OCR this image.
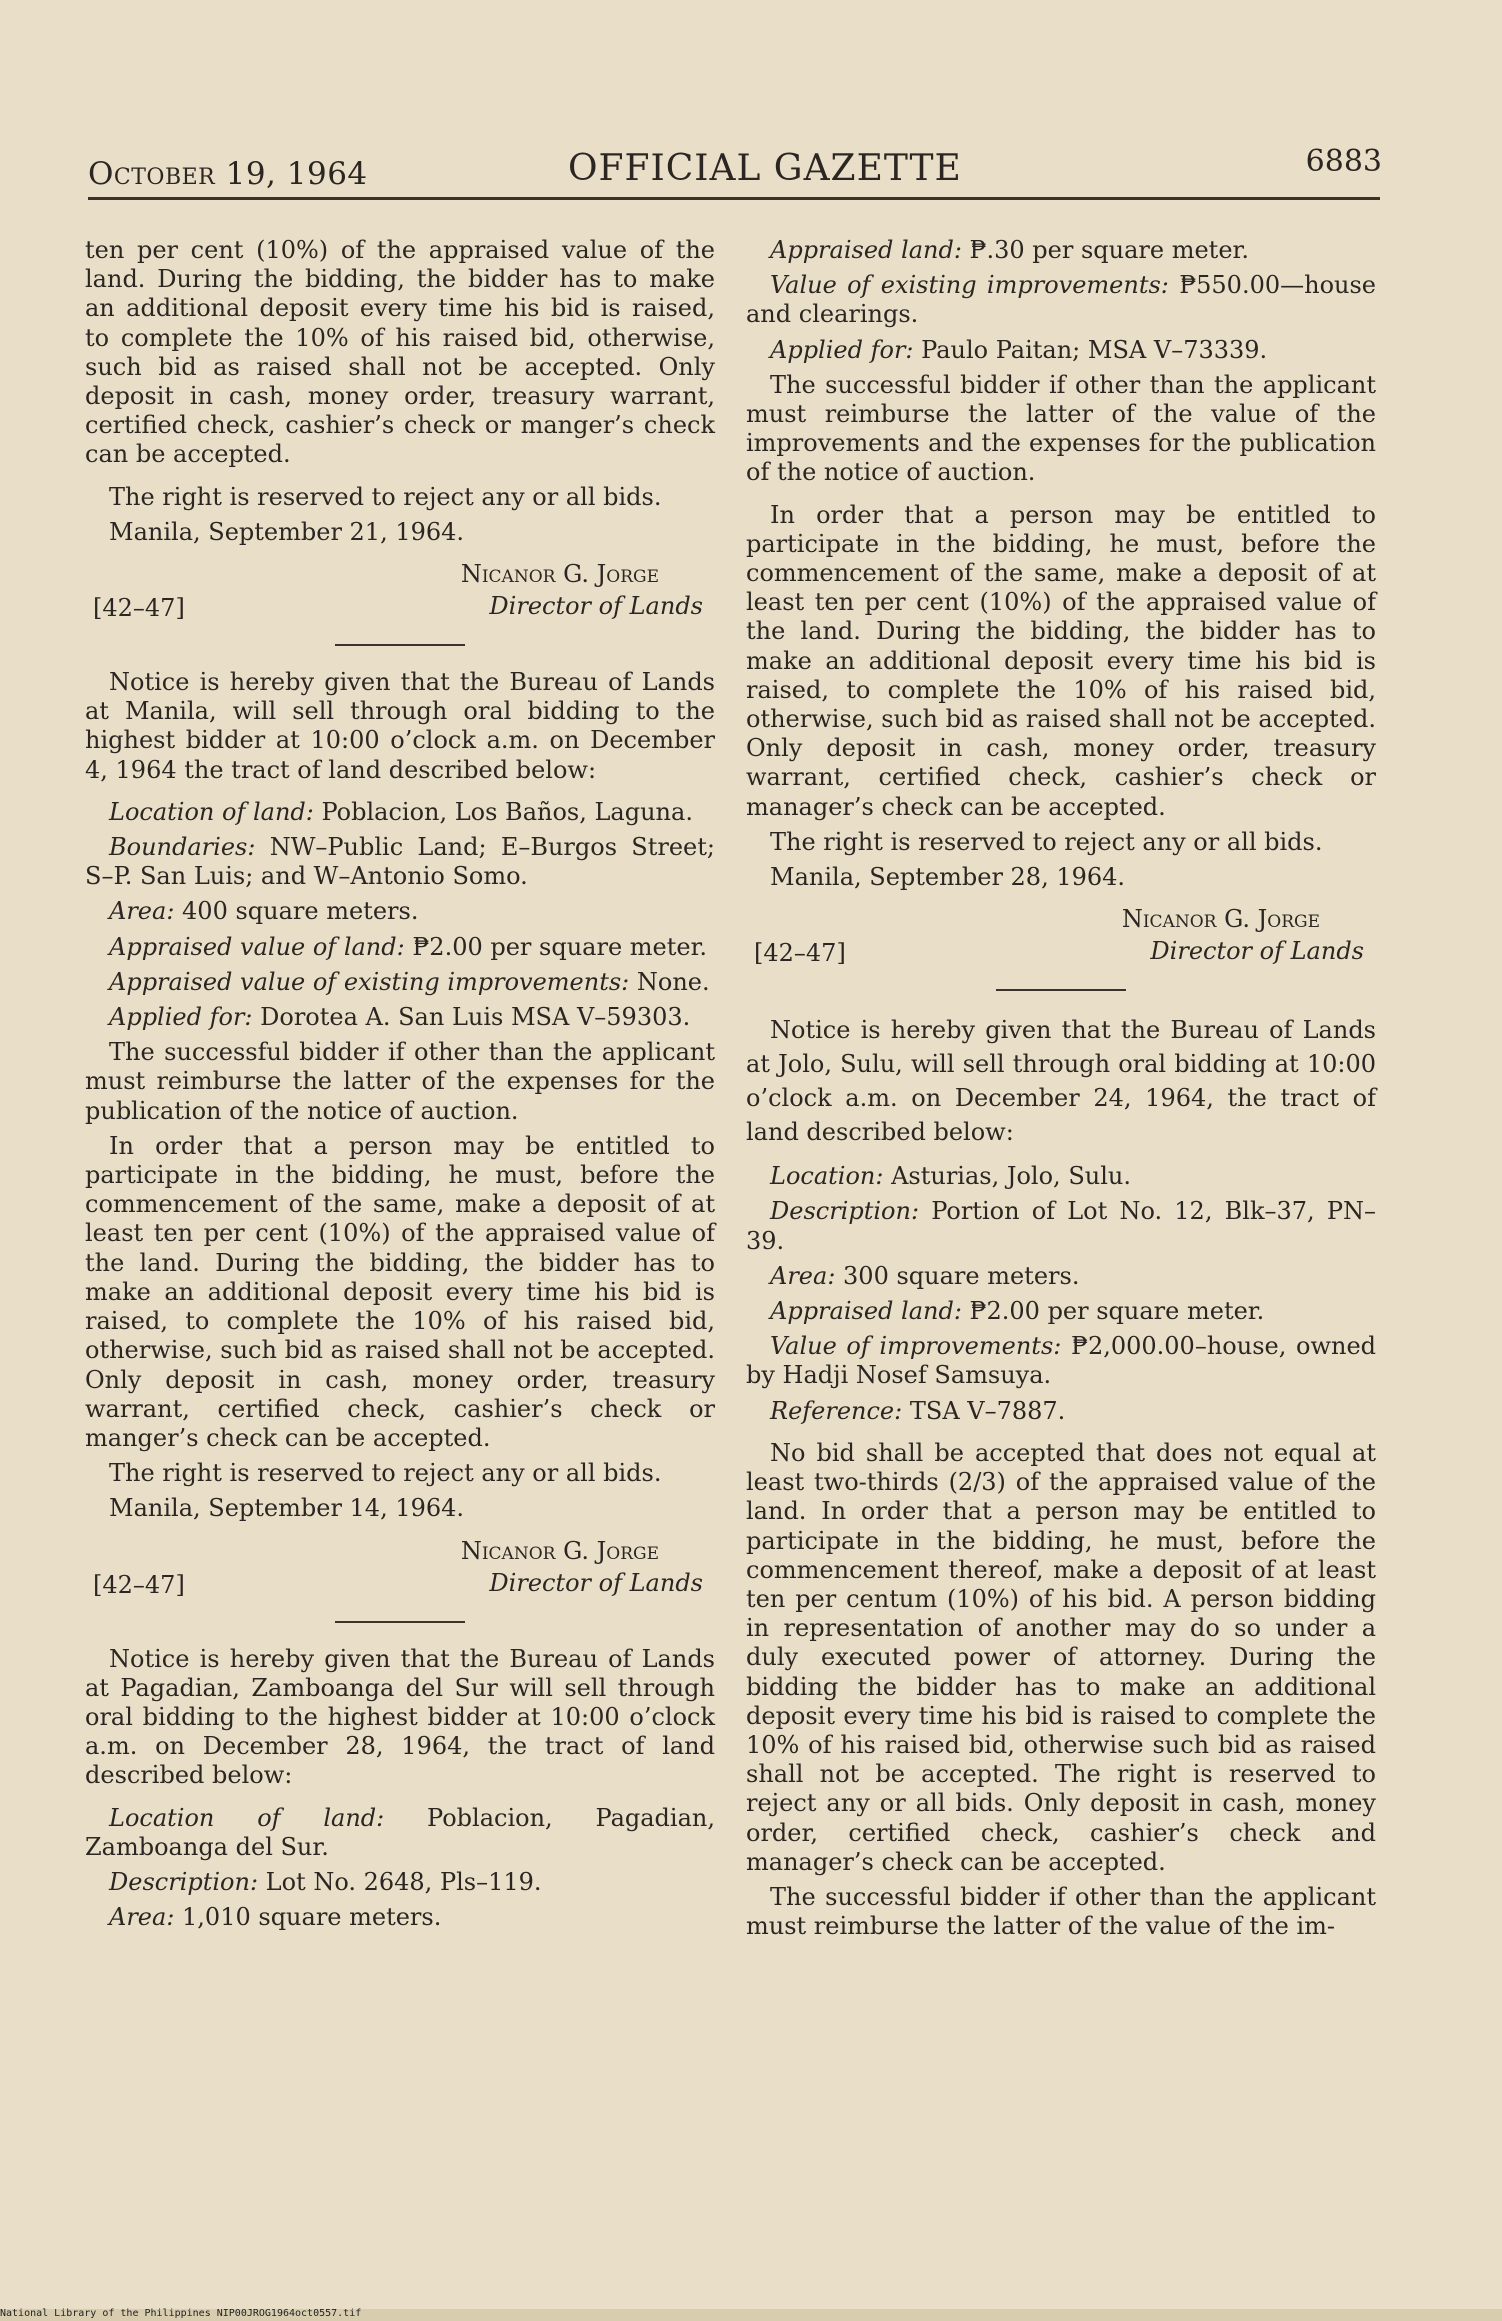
October 19, 1964	OFFICIAL GAZETTE	6883

ten per cent (10%) of the appraised value of the land. During the bidding, the bidder has to make an additional deposit every time his bid is raised, to complete the 10% of his raised bid, otherwise, such bid as raised shall not be accepted. Only deposit in cash, money order, treasury warrant, certified check, cashier’s check or manger’s check can be accepted.

The right is reserved to reject any or all bids.

Manila, September 21, 1964.

Nicanor G. Jorge
[42–47]	Director of Lands

Notice is hereby given that the Bureau of Lands at Manila, will sell through oral bidding to the highest bidder at 10:00 o’clock a.m. on December 4, 1964 the tract of land described below:

Location of land: Poblacion, Los Baños, Laguna.

Boundaries: NW–Public Land; E–Burgos Street; S–P. San Luis; and W–Antonio Somo.

Area: 400 square meters.

Appraised value of land: ₱2.00 per square meter.

Appraised value of existing improvements: None.

Applied for: Dorotea A. San Luis MSA V–59303.

The successful bidder if other than the applicant must reimburse the latter of the expenses for the publication of the notice of auction.

In order that a person may be entitled to participate in the bidding, he must, before the commencement of the same, make a deposit of at least ten per cent (10%) of the appraised value of the land. During the bidding, the bidder has to make an additional deposit every time his bid is raised, to complete the 10% of his raised bid, otherwise, such bid as raised shall not be accepted. Only deposit in cash, money order, treasury warrant, certified check, cashier’s check or manger’s check can be accepted.

The right is reserved to reject any or all bids.

Manila, September 14, 1964.

Nicanor G. Jorge
[42–47]	Director of Lands

Notice is hereby given that the Bureau of Lands at Pagadian, Zamboanga del Sur will sell through oral bidding to the highest bidder at 10:00 o’clock a.m. on December 28, 1964, the tract of land described below:

Location of land: Poblacion, Pagadian, Zamboanga del Sur.

Description: Lot No. 2648, Pls–119.

Area: 1,010 square meters.

Appraised land: ₱.30 per square meter.

Value of existing improvements: ₱550.00—house and clearings.

Applied for: Paulo Paitan; MSA V–73339.

The successful bidder if other than the applicant must reimburse the latter of the value of the improvements and the expenses for the publication of the notice of auction.

In order that a person may be entitled to participate in the bidding, he must, before the commencement of the same, make a deposit of at least ten per cent (10%) of the appraised value of the land. During the bidding, the bidder has to make an additional deposit every time his bid is raised, to complete the 10% of his raised bid, otherwise, such bid as raised shall not be accepted. Only deposit in cash, money order, treasury warrant, certified check, cashier’s check or manager’s check can be accepted.

The right is reserved to reject any or all bids.

Manila, September 28, 1964.

Nicanor G. Jorge
[42–47]	Director of Lands

Notice is hereby given that the Bureau of Lands at Jolo, Sulu, will sell through oral bidding at 10:00 o’clock a.m. on December 24, 1964, the tract of land described below:

Location: Asturias, Jolo, Sulu.

Description: Portion of Lot No. 12, Blk–37, PN–39.

Area: 300 square meters.

Appraised land: ₱2.00 per square meter.

Value of improvements: ₱2,000.00–house, owned by Hadji Nosef Samsuya.

Reference: TSA V–7887.

No bid shall be accepted that does not equal at least two-thirds (2/3) of the appraised value of the land. In order that a person may be entitled to participate in the bidding, he must, before the commencement thereof, make a deposit of at least ten per centum (10%) of his bid. A person bidding in representation of another may do so under a duly executed power of attorney. During the bidding the bidder has to make an additional deposit every time his bid is raised to complete the 10% of his raised bid, otherwise such bid as raised shall not be accepted. The right is reserved to reject any or all bids. Only deposit in cash, money order, certified check, cashier’s check and manager’s check can be accepted.

The successful bidder if other than the applicant must reimburse the latter of the value of the im-

National Library of the Philippines NIP00JROG1964oct0557.tif
